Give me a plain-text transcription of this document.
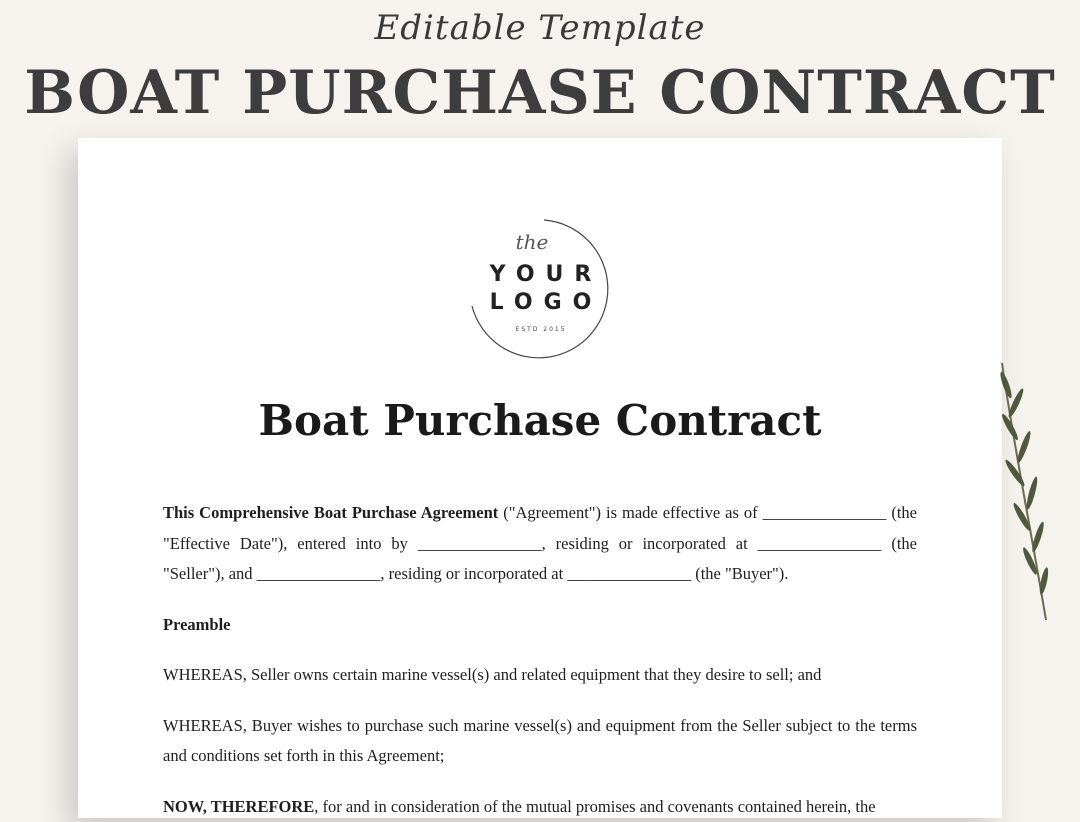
Editable Template
BOAT PURCHASE CONTRACT
the
YOUR
LOGO
ESTD 2015
Boat Purchase Contract

This Comprehensive Boat Purchase Agreement ("Agreement") is made effective as of _______________ (the "Effective Date"), entered into by _______________, residing or incorporated at _______________ (the "Seller"), and _______________, residing or incorporated at _______________ (the "Buyer").

Preamble

WHEREAS, Seller owns certain marine vessel(s) and related equipment that they desire to sell; and

WHEREAS, Buyer wishes to purchase such marine vessel(s) and equipment from the Seller subject to the terms and conditions set forth in this Agreement;

NOW, THEREFORE, for and in consideration of the mutual promises and covenants contained herein, the
